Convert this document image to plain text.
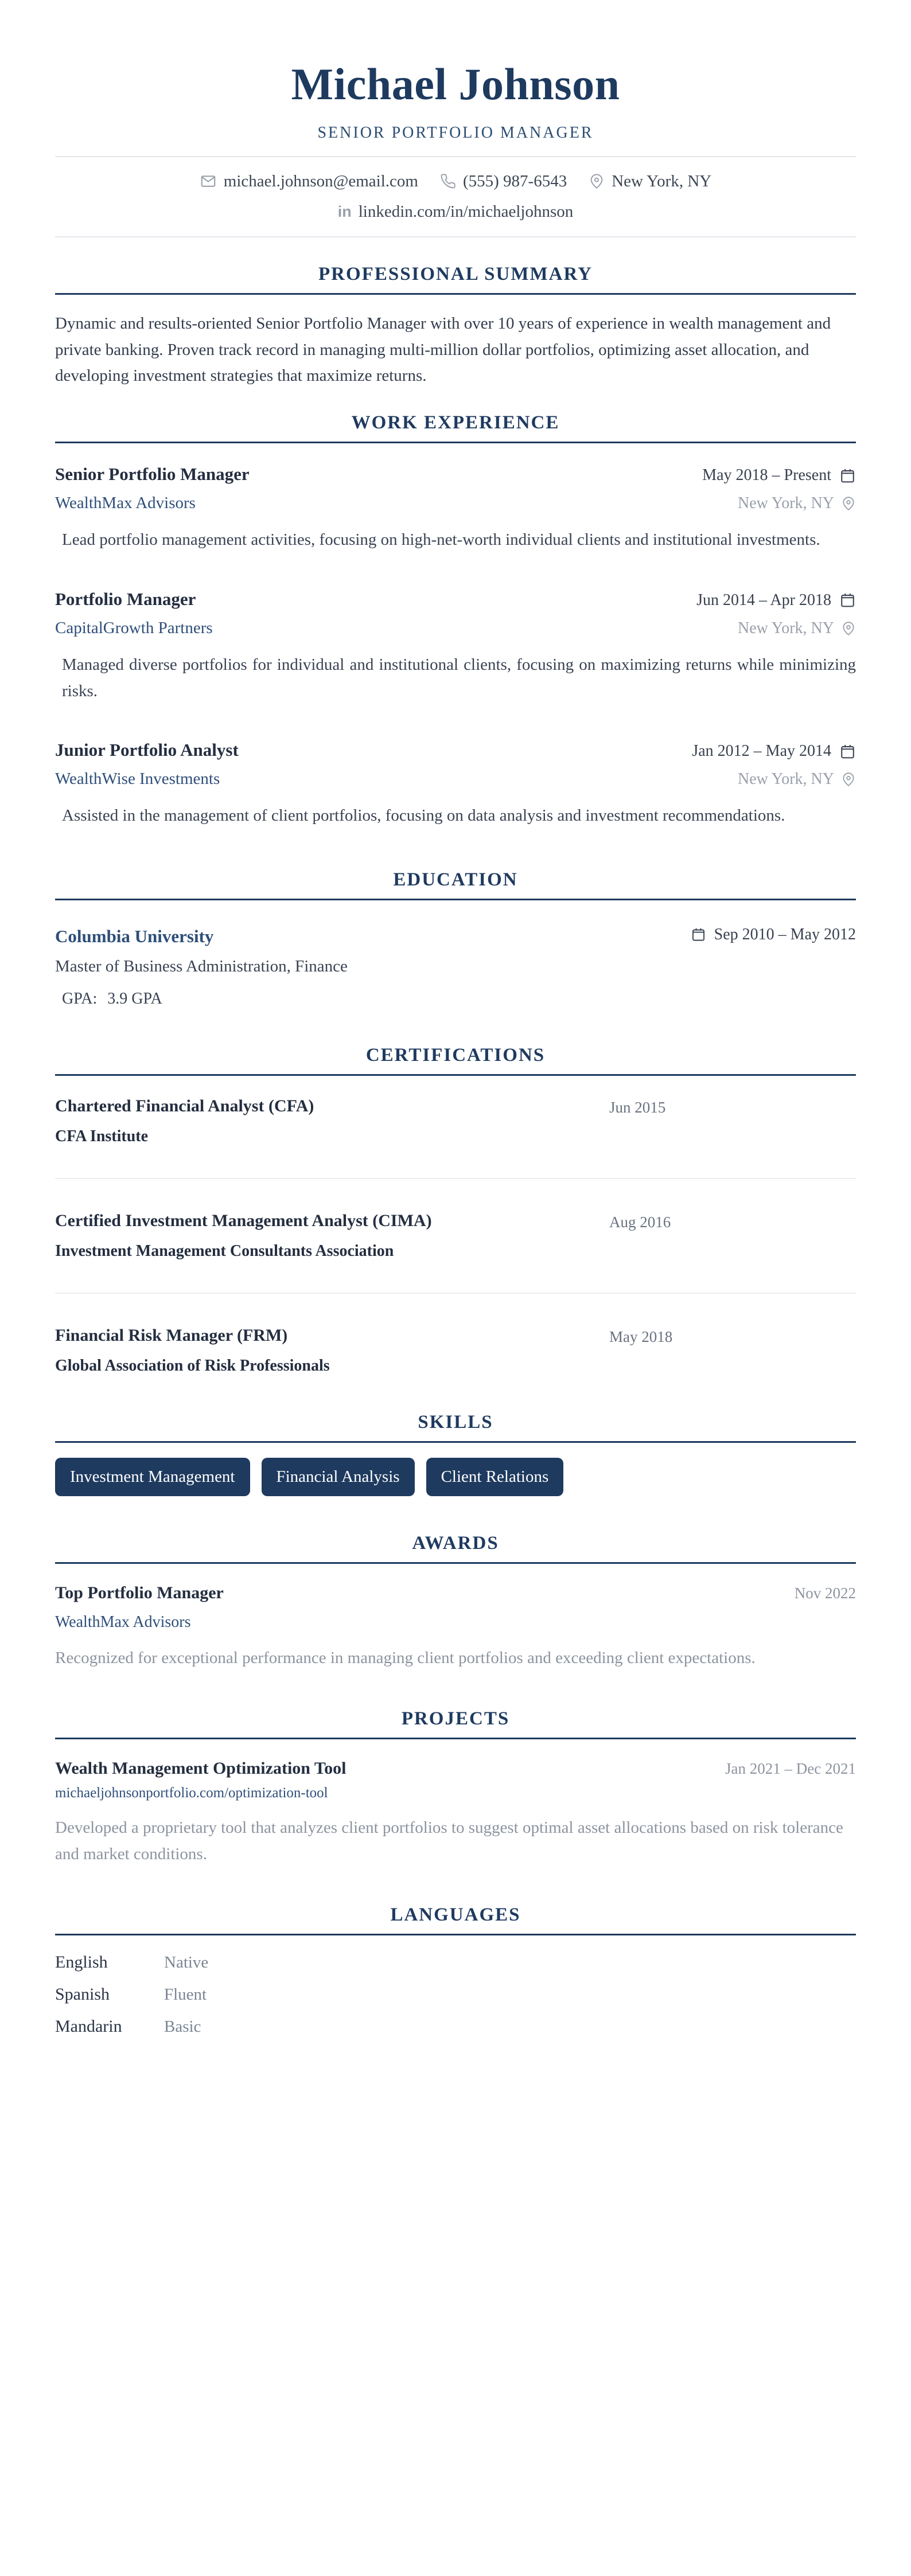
Michael Johnson
SENIOR PORTFOLIO MANAGER
michael.johnson@email.com	(555) 987-6543	New York, NY
in linkedin.com/in/michaeljohnson
PROFESSIONAL SUMMARY

Dynamic and results-oriented Senior Portfolio Manager with over 10 years of experience in wealth management and private banking. Proven track record in managing multi-million dollar portfolios, optimizing asset allocation, and developing investment strategies that maximize returns.

WORK EXPERIENCE
Senior Portfolio Manager	May 2018 – Present
WealthMax Advisors	New York, NY

Lead portfolio management activities, focusing on high-net-worth individual clients and institutional investments.

Portfolio Manager	Jun 2014 – Apr 2018
CapitalGrowth Partners	New York, NY

Managed diverse portfolios for individual and institutional clients, focusing on maximizing returns while minimizing risks.

Junior Portfolio Analyst	Jan 2012 – May 2014
WealthWise Investments	New York, NY

Assisted in the management of client portfolios, focusing on data analysis and investment recommendations.

EDUCATION
Columbia University	Sep 2010 – May 2012
Master of Business Administration, Finance
GPA: 3.9 GPA
CERTIFICATIONS
Chartered Financial Analyst (CFA)
CFA Institute
Jun 2015
Certified Investment Management Analyst (CIMA)
Investment Management Consultants Association
Aug 2016
Financial Risk Manager (FRM)
Global Association of Risk Professionals
May 2018
SKILLS
Investment Management	Financial Analysis	Client Relations
AWARDS
Top Portfolio Manager	Nov 2022
WealthMax Advisors

Recognized for exceptional performance in managing client portfolios and exceeding client expectations.

PROJECTS
Wealth Management Optimization Tool	Jan 2021 – Dec 2021
michaeljohnsonportfolio.com/optimization-tool

Developed a proprietary tool that analyzes client portfolios to suggest optimal asset allocations based on risk tolerance and market conditions.

LANGUAGES
English	Native
Spanish	Fluent
Mandarin	Basic
